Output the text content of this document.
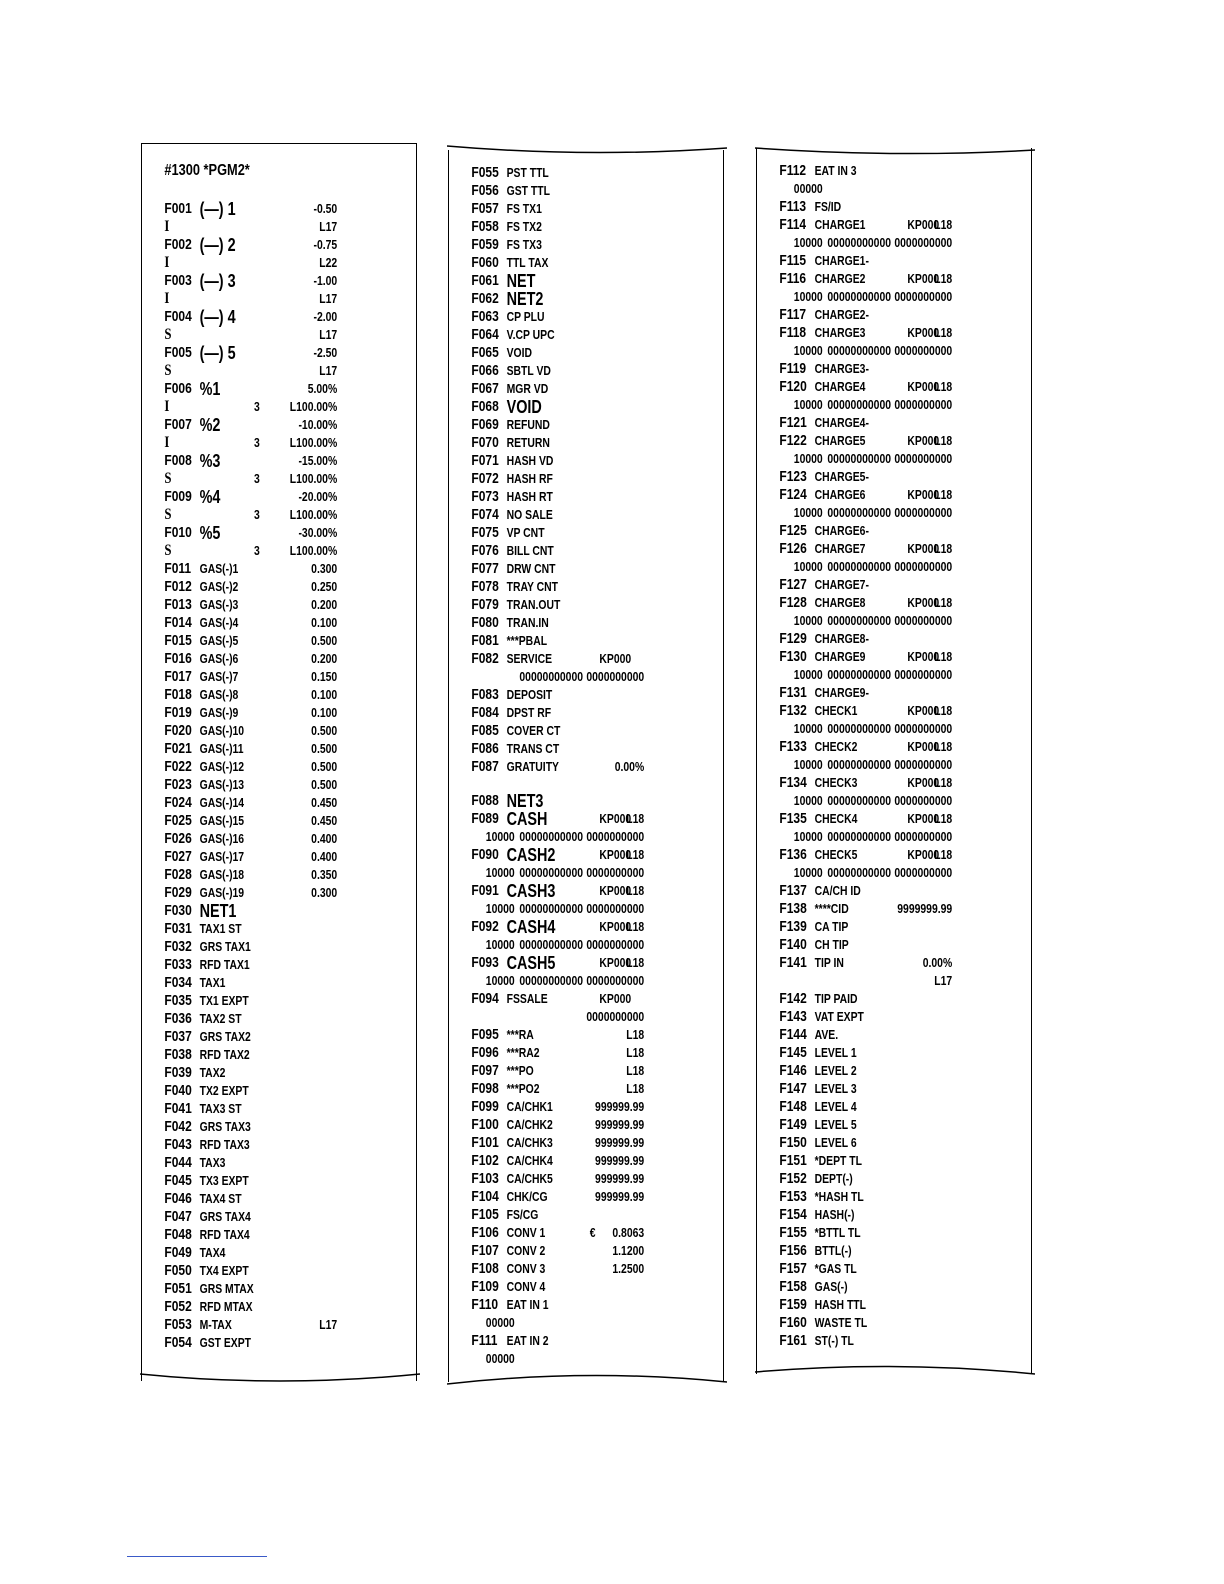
#1300 *PGM2*
F001 (—) 1	-0.50
I	L17
F002 (—) 2	-0.75
I	L22
F003 (—) 3	-1.00
I	L17
F004 (—) 4	-2.00
S	L17
F005 (—) 5	-2.50
S	L17
F006 %1	5.00%
I	3 L100.00%
F007 %2	-10.00%
I	3 L100.00%
F008 %3	-15.00%
S	3 L100.00%
F009 %4	-20.00%
S	3 L100.00%
F010 %5	-30.00%
S	3 L100.00%
F011 GAS(-)1	0.300
F012 GAS(-)2	0.250
F013 GAS(-)3	0.200
F014 GAS(-)4	0.100
F015 GAS(-)5	0.500
F016 GAS(-)6	0.200
F017 GAS(-)7	0.150
F018 GAS(-)8	0.100
F019 GAS(-)9	0.100
F020 GAS(-)10	0.500
F021 GAS(-)11	0.500
F022 GAS(-)12	0.500
F023 GAS(-)13	0.500
F024 GAS(-)14	0.450
F025 GAS(-)15	0.450
F026 GAS(-)16	0.400
F027 GAS(-)17	0.400
F028 GAS(-)18	0.350
F029 GAS(-)19	0.300
F030 NET1
F031 TAX1 ST
F032 GRS TAX1
F033 RFD TAX1
F034 TAX1
F035 TX1 EXPT
F036 TAX2 ST
F037 GRS TAX2
F038 RFD TAX2
F039 TAX2
F040 TX2 EXPT
F041 TAX3 ST
F042 GRS TAX3
F043 RFD TAX3
F044 TAX3
F045 TX3 EXPT
F046 TAX4 ST
F047 GRS TAX4
F048 RFD TAX4
F049 TAX4
F050 TX4 EXPT
F051 GRS MTAX
F052 RFD MTAX
F053 M-TAX	L17
F054 GST EXPT
F055 PST TTL
F056 GST TTL
F057 FS TX1
F058 FS TX2
F059 FS TX3
F060 TTL TAX
F061 NET
F062 NET2
F063 CP PLU
F064 V.CP UPC
F065 VOID
F066 SBTL VD
F067 MGR VD
F068 VOID
F069 REFUND
F070 RETURN
F071 HASH VD
F072 HASH RF
F073 HASH RT
F074 NO SALE
F075 VP CNT
F076 BILL CNT
F077 DRW CNT
F078 TRAY CNT
F079 TRAN.OUT
F080 TRAN.IN
F081 ***PBAL
F082 SERVICE	KP000
00000000000 0000000000
F083 DEPOSIT
F084 DPST RF
F085 COVER CT
F086 TRANS CT
F087 GRATUITY	0.00%
F088 NET3
F089 CASH	KP000
L18
10000 00000000000 0000000000
F090 CASH2	KP000
L18
10000 00000000000 0000000000
F091 CASH3	KP000
L18
10000 00000000000 0000000000
F092 CASH4	KP000
L18
10000 00000000000 0000000000
F093 CASH5	KP000
L18
10000 00000000000 0000000000
F094 FSSALE	KP000
0000000000
F095 ***RA	L18
F096 ***RA2	L18
F097 ***PO	L18
F098 ***PO2	L18
F099 CA/CHK1	999999.99
F100 CA/CHK2	999999.99
F101 CA/CHK3	999999.99
F102 CA/CHK4	999999.99
F103 CA/CHK5	999999.99
F104 CHK/CG	999999.99
F105 FS/CG
F106 CONV 1	€ 0.8063
F107 CONV 2	1.1200
F108 CONV 3	1.2500
F109 CONV 4
F110 EAT IN 1
00000
F111 EAT IN 2
00000
F112 EAT IN 3
00000
F113 FS/ID
F114 CHARGE1	KP000
L18
10000 00000000000 0000000000
F115 CHARGE1-
F116 CHARGE2	KP000
L18
10000 00000000000 0000000000
F117 CHARGE2-
F118 CHARGE3	KP000
L18
10000 00000000000 0000000000
F119 CHARGE3-
F120 CHARGE4	KP000
L18
10000 00000000000 0000000000
F121 CHARGE4-
F122 CHARGE5	KP000
L18
10000 00000000000 0000000000
F123 CHARGE5-
F124 CHARGE6	KP000
L18
10000 00000000000 0000000000
F125 CHARGE6-
F126 CHARGE7	KP000
L18
10000 00000000000 0000000000
F127 CHARGE7-
F128 CHARGE8	KP000
L18
10000 00000000000 0000000000
F129 CHARGE8-
F130 CHARGE9	KP000
L18
10000 00000000000 0000000000
F131 CHARGE9-
F132 CHECK1	KP000
L18
10000 00000000000 0000000000
F133 CHECK2	KP000
L18
10000 00000000000 0000000000
F134 CHECK3	KP000
L18
10000 00000000000 0000000000
F135 CHECK4	KP000
L18
10000 00000000000 0000000000
F136 CHECK5	KP000
L18
10000 00000000000 0000000000
F137 CA/CH ID
F138 ****CID	9999999.99
F139 CA TIP
F140 CH TIP
F141 TIP IN	0.00%
L17
F142 TIP PAID
F143 VAT EXPT
F144 AVE.
F145 LEVEL 1
F146 LEVEL 2
F147 LEVEL 3
F148 LEVEL 4
F149 LEVEL 5
F150 LEVEL 6
F151 *DEPT TL
F152 DEPT(-)
F153 *HASH TL
F154 HASH(-)
F155 *BTTL TL
F156 BTTL(-)
F157 *GAS TL
F158 GAS(-)
F159 HASH TTL
F160 WASTE TL
F161 ST(-) TL
